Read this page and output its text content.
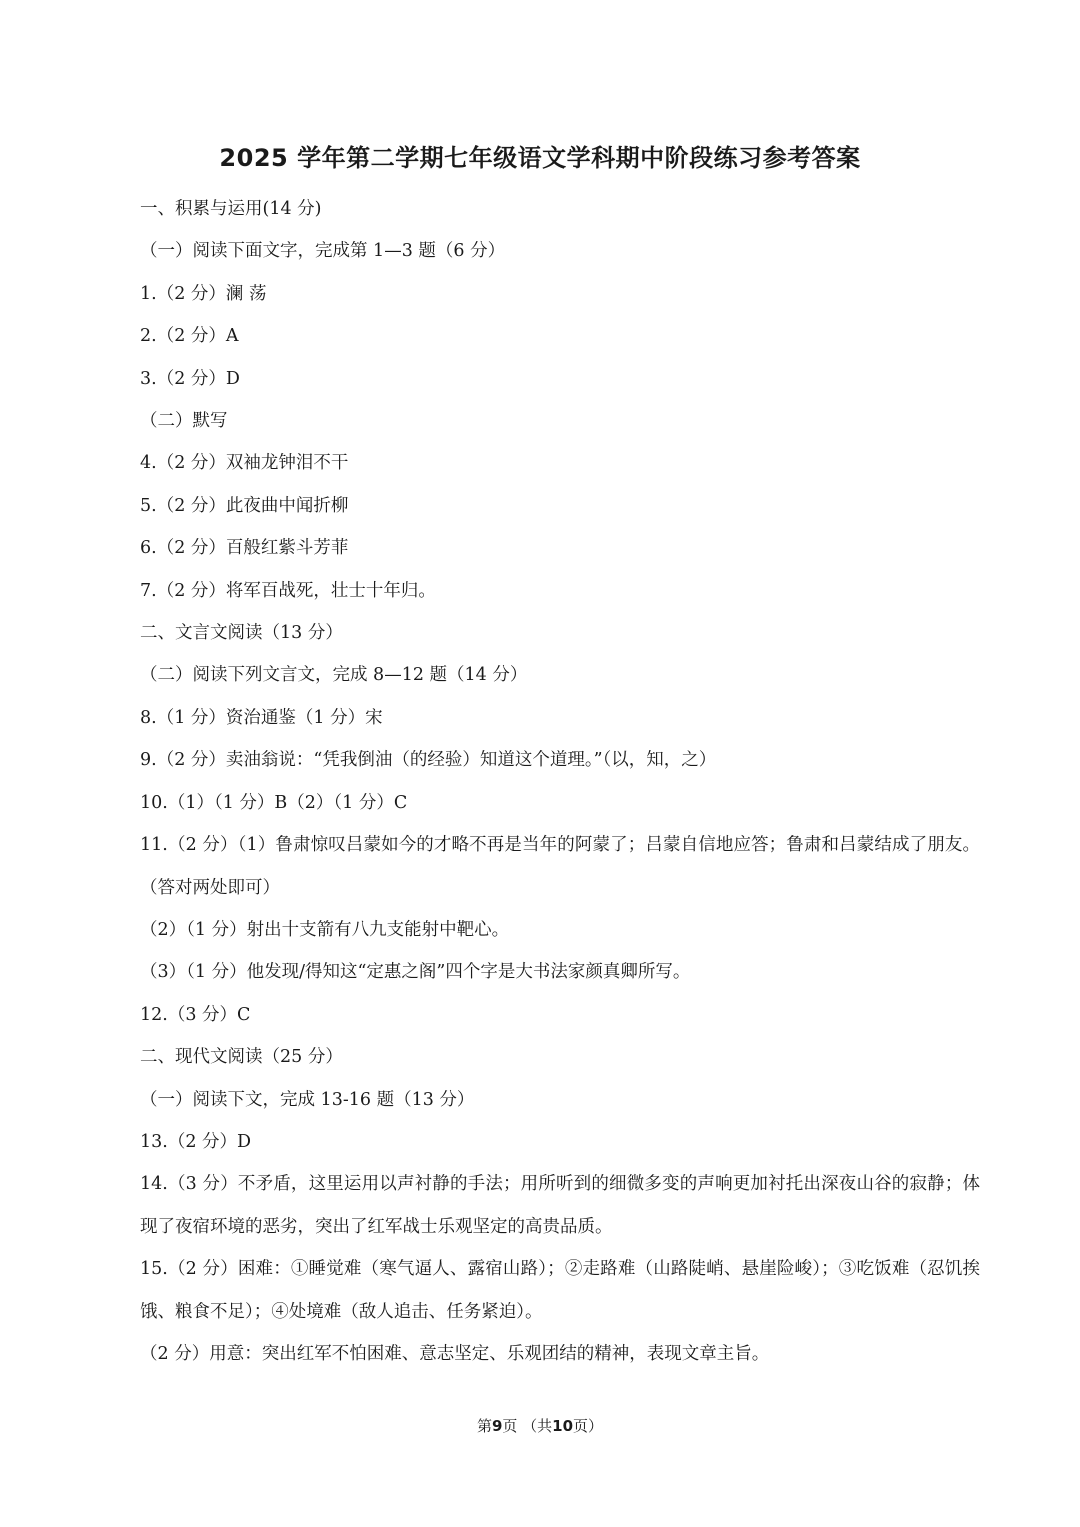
2025 学年第二学期七年级语文学科期中阶段练习参考答案

一、积累与运用(14 分)

（一）阅读下面文字，完成第 1—3 题（6 分）

1.（2 分）澜 荡

2.（2 分）A

3.（2 分）D

（二）默写

4.（2 分）双袖龙钟泪不干

5.（2 分）此夜曲中闻折柳

6.（2 分）百般红紫斗芳菲

7.（2 分）将军百战死，壮士十年归。

二、文言文阅读（13 分）

（二）阅读下列文言文，完成 8—12 题（14 分）

8.（1 分）资治通鉴（1 分）宋

9.（2 分）卖油翁说：“凭我倒油（的经验）知道这个道理。”（以，知，之）

10.（1）（1 分）B（2）（1 分）C

11.（2 分）（1）鲁肃惊叹吕蒙如今的才略不再是当年的阿蒙了；吕蒙自信地应答；鲁肃和吕蒙结成了朋友。（答对两处即可）

（2）（1 分）射出十支箭有八九支能射中靶心。

（3）（1 分）他发现/得知这“定惠之阁”四个字是大书法家颜真卿所写。

12.（3 分）C

二、现代文阅读（25 分）

（一）阅读下文，完成 13-16 题（13 分）

13.（2 分）D

14.（3 分）不矛盾，这里运用以声衬静的手法；用所听到的细微多变的声响更加衬托出深夜山谷的寂静；体现了夜宿环境的恶劣，突出了红军战士乐观坚定的高贵品质。

15.（2 分）困难：①睡觉难（寒气逼人、露宿山路）；②走路难（山路陡峭、悬崖险峻）；③吃饭难（忍饥挨饿、粮食不足）；④处境难（敌人追击、任务紧迫）。

（2 分）用意：突出红军不怕困难、意志坚定、乐观团结的精神，表现文章主旨。

第9页 （共10页）
